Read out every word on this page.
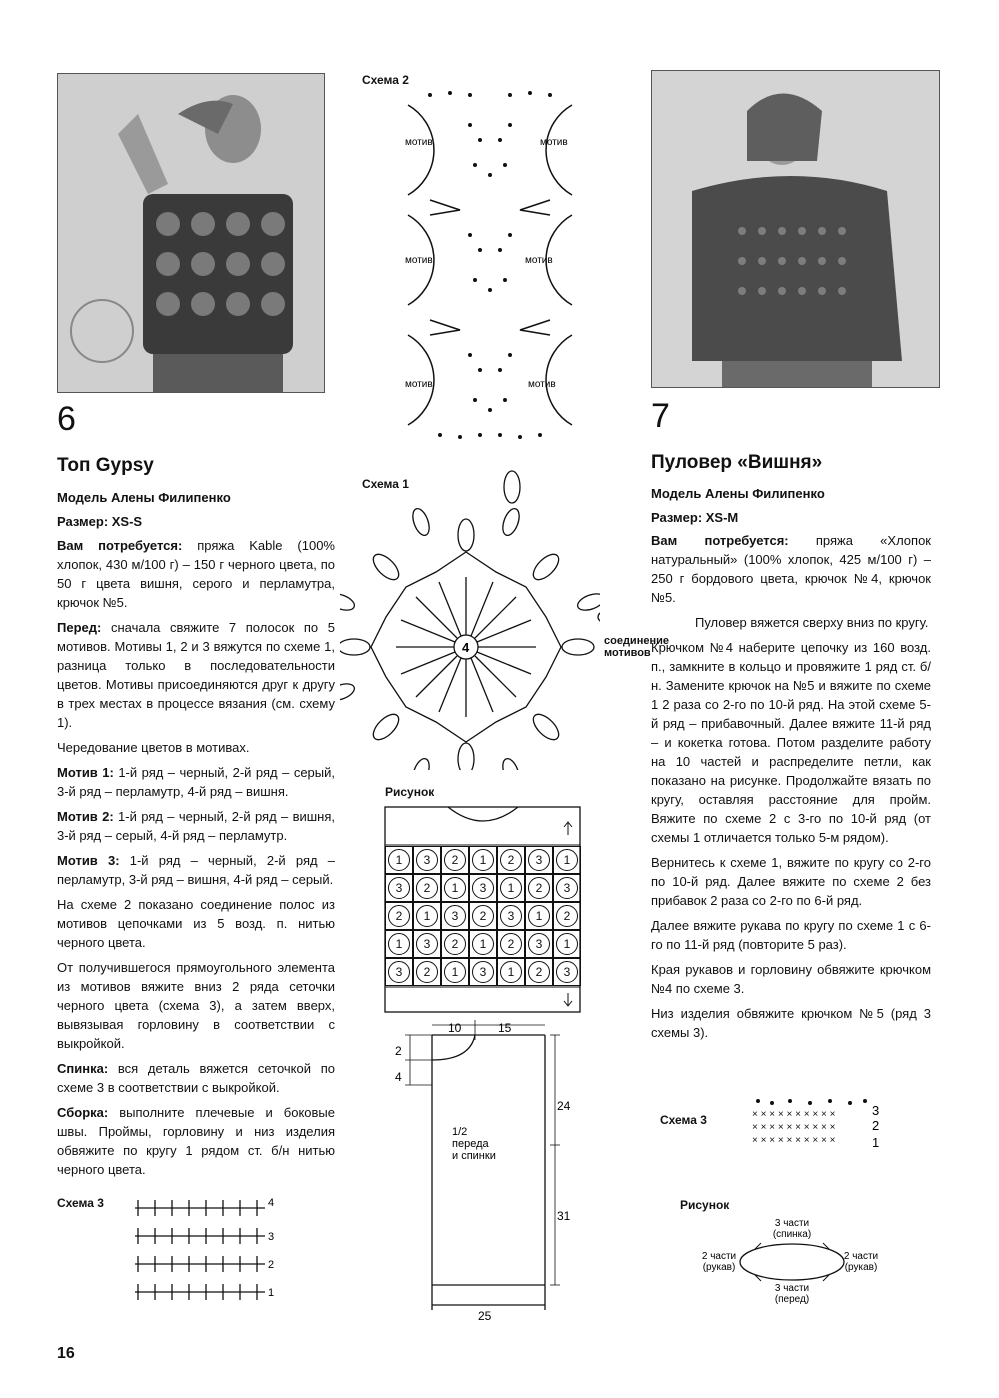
6
Топ Gypsy
Модель Алены Филипенко
Размер: XS-S

Вам потребуется: пряжа Kable (100% хлопок, 430 м/100 г) – 150 г черного цвета, по 50 г цвета вишня, серого и перламутра, крючок №5.

Перед: сначала свяжите 7 полосок по 5 мотивов. Мотивы 1, 2 и 3 вяжутся по схеме 1, разница только в последовательности цветов. Мотивы присоединяются друг к другу в трех местах в процессе вязания (см. схему 1).

Чередование цветов в мотивах.

Мотив 1: 1-й ряд – черный, 2-й ряд – серый, 3-й ряд – перламутр, 4-й ряд – вишня.

Мотив 2: 1-й ряд – черный, 2-й ряд – вишня, 3-й ряд – серый, 4-й ряд – перламутр.

Мотив 3: 1-й ряд – черный, 2-й ряд – перламутр, 3-й ряд – вишня, 4-й ряд – серый.

На схеме 2 показано соединение полос из мотивов цепочками из 5 возд. п. нитью черного цвета.

От получившегося прямоугольного элемента из мотивов вяжите вниз 2 ряда сеточки черного цвета (схема 3), а затем вверх, вывязывая горловину в соответствии с выкройкой.

Спинка: вся деталь вяжется сеточкой по схеме 3 в соответствии с выкройкой.

Сборка: выполните плечевые и боковые швы. Проймы, горловину и низ изделия обвяжите по кругу 1 рядом ст. б/н нитью черного цвета.

Схема 3	4
3
2
1
16
Схема 2
мотив	мотив
мотив	мотив
мотив	мотив
Схема 1
4	соединение
мотивов
Рисунок
1	3	2	1	2	3	1
3	2	1	3	1	2	3
2	1	3	2	3	1	2
1	3	2	1	2	3	1
3	2	1	3	1	2	3
10	15
2
4
24
31
25
1/2
переда
и спинки
7
Пуловер «Вишня»
Модель Алены Филипенко
Размер: XS-M

Вам потребуется: пряжа «Хлопок натуральный» (100% хлопок, 425 м/100 г) – 250 г бордового цвета, крючок №4, крючок №5.

Пуловер вяжется сверху вниз по кругу.

Крючком №4 наберите цепочку из 160 возд. п., замкните в кольцо и провяжите 1 ряд ст. б/н. Замените крючок на №5 и вяжите по схеме 1 2 раза со 2-го по 10-й ряд. На этой схеме 5-й ряд – прибавочный. Далее вяжите 11-й ряд – и кокетка готова. Потом разделите работу на 10 частей и распределите петли, как показано на рисунке. Продолжайте вязать по кругу, оставляя расстояние для пройм. Вяжите по схеме 2 с 3-го по 10-й ряд (от схемы 1 отличается только 5-м рядом).

Вернитесь к схеме 1, вяжите по кругу со 2-го по 10-й ряд. Далее вяжите по схеме 2 без прибавок 2 раза со 2-го по 6-й ряд.

Далее вяжите рукава по кругу по схеме 1 с 6-го по 11-й ряд (повторите 5 раз).

Края рукавов и горловину обвяжите крючком №4 по схеме 3.

Низ изделия обвяжите крючком №5 (ряд 3 схемы 3).

Схема 3	× × × × × × × × × ×
× × × × × × × × × ×
× × × × × × × × × ×
3
2
1
Рисунок
3 части
(спинка)
2 части
(рукав)
2 части
(рукав)
3 части
(перед)
